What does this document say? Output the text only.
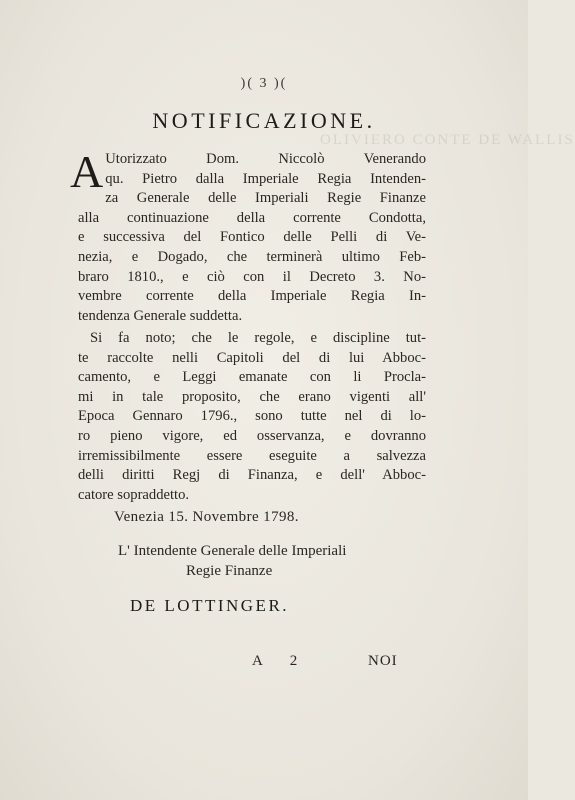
OLIVIERO CONTE DE WALLIS

)( 3 )(
NOTIFICAZIONE.
A Utorizzato Dom. Niccolò Venerando
qu. Pietro dalla Imperiale Regia Intenden-
za Generale delle Imperiali Regie Finanze
alla continuazione della corrente Condotta,
e successiva del Fontico delle Pelli di Ve-
nezia, e Dogado, che terminerà ultimo Feb-
braro 1810., e ciò con il Decreto 3. No-
vembre corrente della Imperiale Regia In-
tendenza Generale suddetta.
Si fa noto; che le regole, e discipline tut-
te raccolte nelli Capitoli del di lui Abboc-
camento, e Leggi emanate con li Procla-
mi in tale proposito, che erano vigenti all'
Epoca Gennaro 1796., sono tutte nel di lo-
ro pieno vigore, ed osservanza, e dovranno
irremissibilmente essere eseguite a salvezza
delli diritti Regj di Finanza, e dell' Abboc-
catore sopraddetto.
Venezia 15. Novembre 1798.
L' Intendente Generale delle Imperiali
Regie Finanze
DE LOTTINGER.
A 2	NOI
